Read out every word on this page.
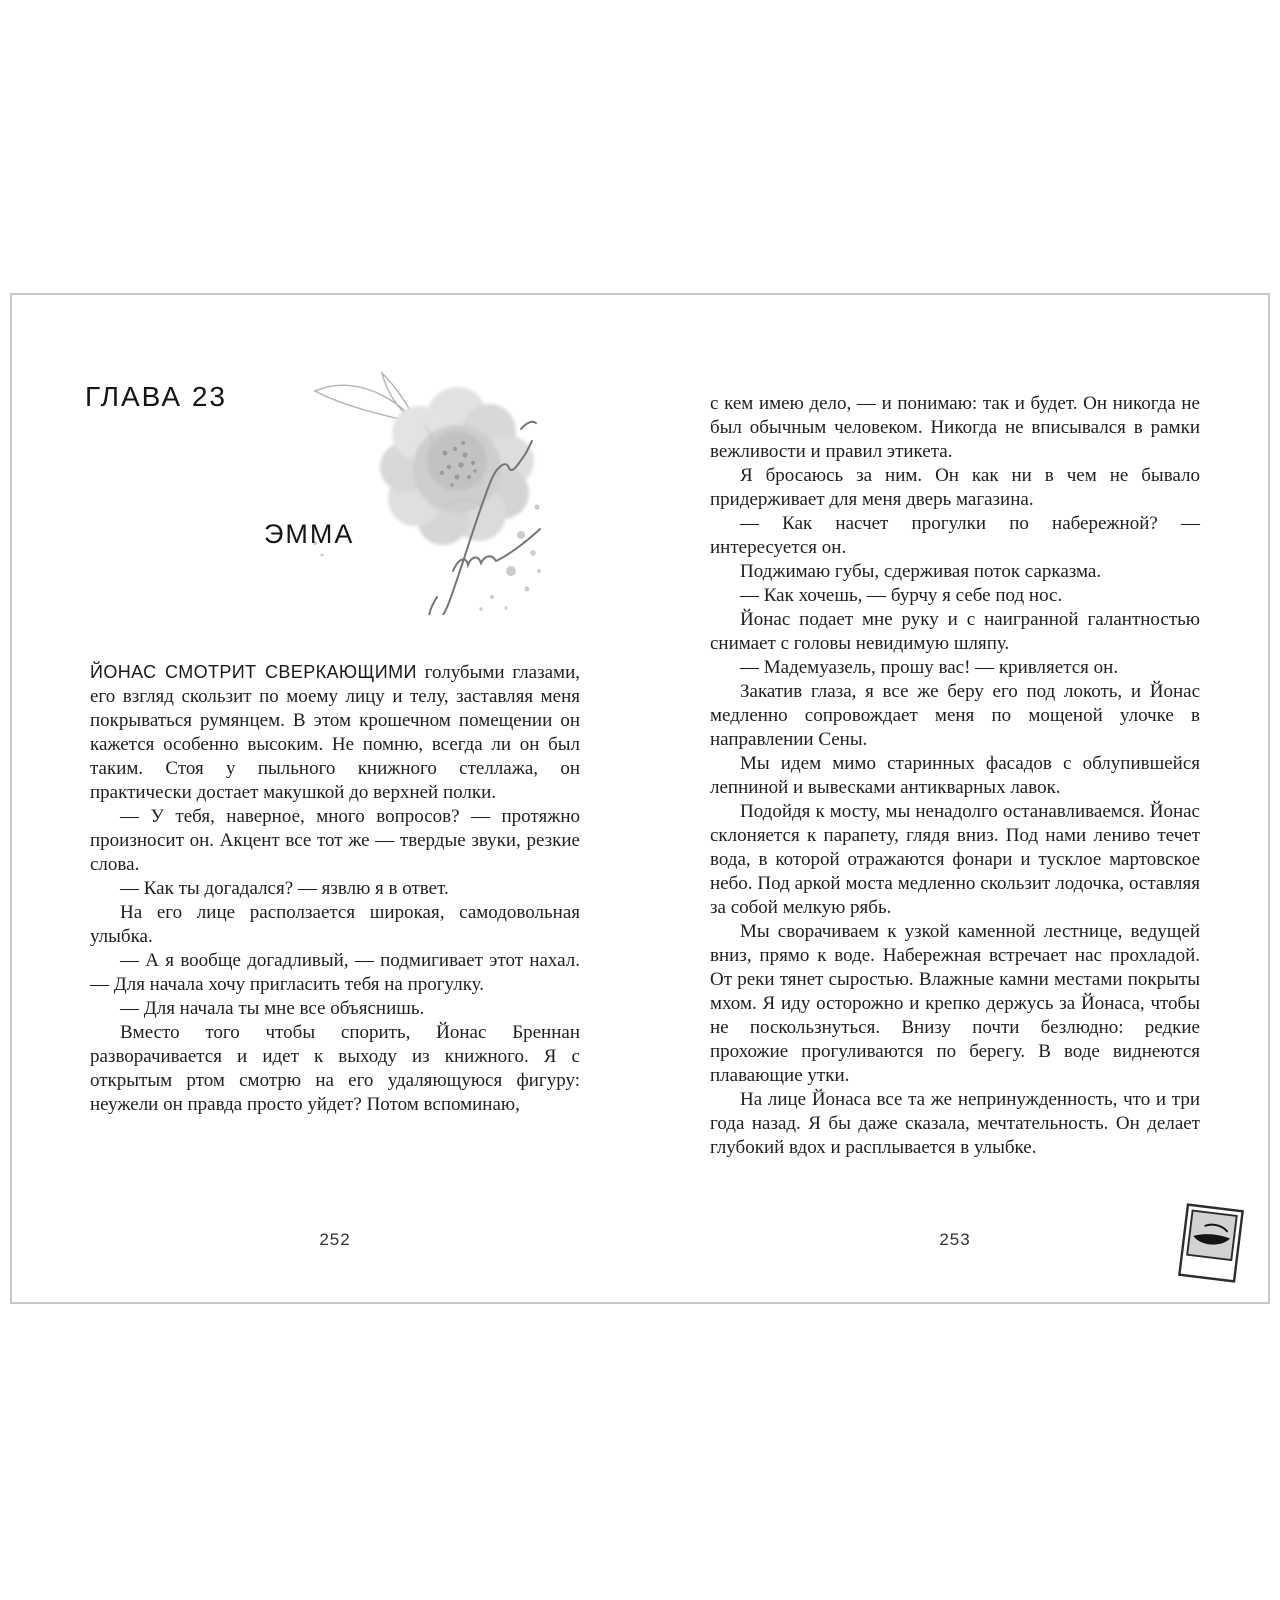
ГЛАВА 23
ЭММА

ЙОНАС СМОТРИТ СВЕРКАЮЩИМИ голубыми глазами, его взгляд скользит по моему лицу и телу, заставляя меня покрываться румянцем. В этом крошечном помещении он кажется особенно высоким. Не помню, всегда ли он был таким. Стоя у пыльного книжного стеллажа, он практически достает макушкой до верхней полки.

— У тебя, наверное, много вопросов? — протяжно произносит он. Акцент все тот же — твердые звуки, резкие слова.

— Как ты догадался? — язвлю я в ответ.

На его лице расползается широкая, самодовольная улыбка.

— А я вообще догадливый, — подмигивает этот нахал. — Для начала хочу пригласить тебя на прогулку.

— Для начала ты мне все объяснишь.

Вместо того чтобы спорить, Йонас Бреннан разворачивается и идет к выходу из книжного. Я с открытым ртом смотрю на его удаляющуюся фигуру: неужели он правда просто уйдет? Потом вспоминаю,

252

с кем имею дело, — и понимаю: так и будет. Он никогда не был обычным человеком. Никогда не вписывался в рамки вежливости и правил этикета.

Я бросаюсь за ним. Он как ни в чем не бывало придерживает для меня дверь магазина.

— Как насчет прогулки по набережной? — интересуется он.

Поджимаю губы, сдерживая поток сарказма.

— Как хочешь, — бурчу я себе под нос.

Йонас подает мне руку и с наигранной галантностью снимает с головы невидимую шляпу.

— Мадемуазель, прошу вас! — кривляется он.

Закатив глаза, я все же беру его под локоть, и Йонас медленно сопровождает меня по мощеной улочке в направлении Сены.

Мы идем мимо старинных фасадов с облупившейся лепниной и вывесками антикварных лавок.

Подойдя к мосту, мы ненадолго останавливаемся. Йонас склоняется к парапету, глядя вниз. Под нами лениво течет вода, в которой отражаются фонари и тусклое мартовское небо. Под аркой моста медленно скользит лодочка, оставляя за собой мелкую рябь.

Мы сворачиваем к узкой каменной лестнице, ведущей вниз, прямо к воде. Набережная встречает нас прохладой. От реки тянет сыростью. Влажные камни местами покрыты мхом. Я иду осторожно и крепко держусь за Йонаса, чтобы не поскользнуться. Внизу почти безлюдно: редкие прохожие прогуливаются по берегу. В воде виднеются плавающие утки.

На лице Йонаса все та же непринужденность, что и три года назад. Я бы даже сказала, мечтательность. Он делает глубокий вдох и расплывается в улыбке.

253
